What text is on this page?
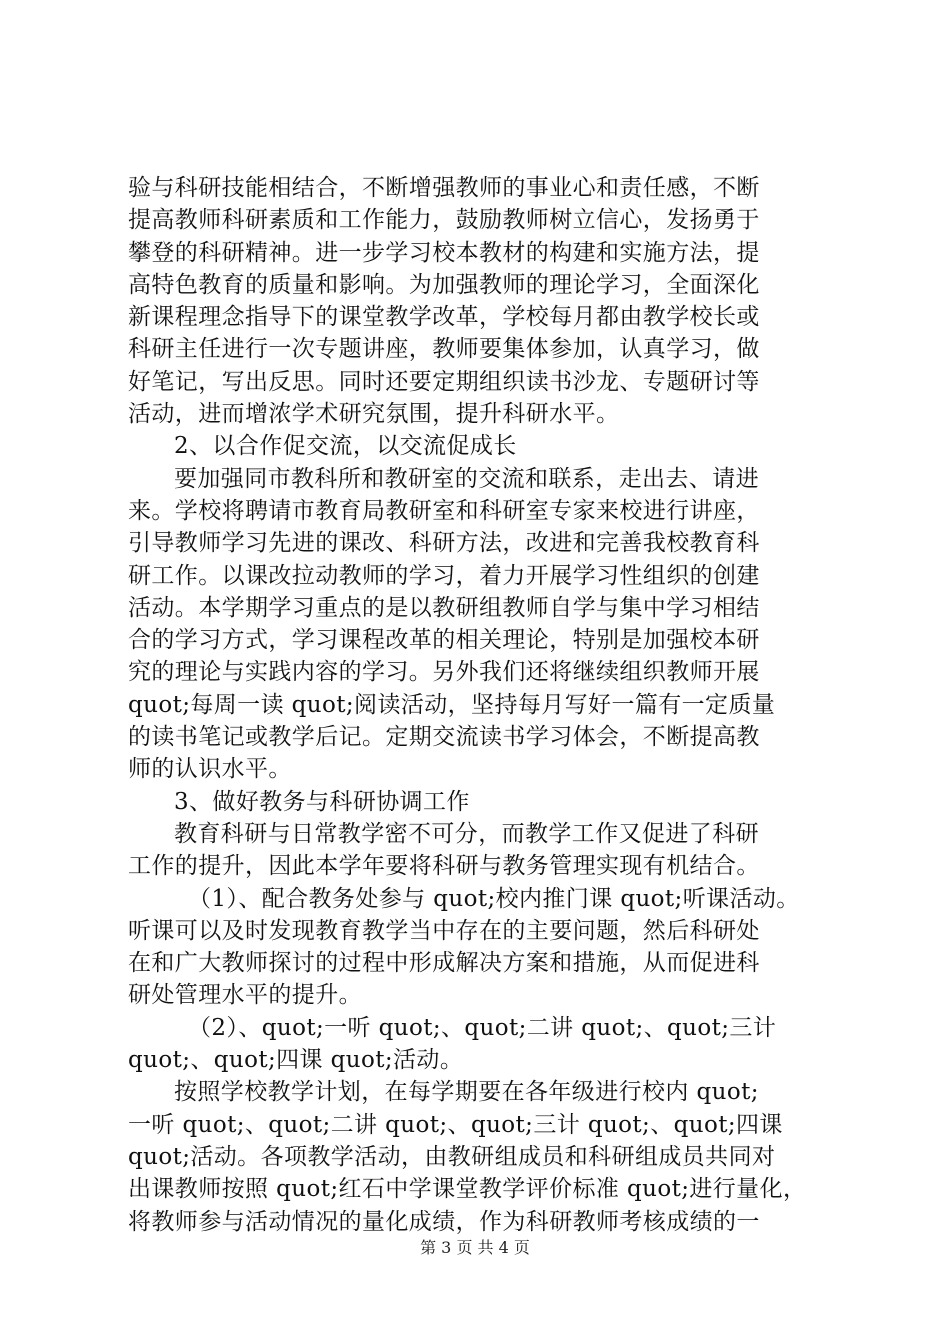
验与科研技能相结合，不断增强教师的事业心和责任感，不断
提高教师科研素质和工作能力，鼓励教师树立信心，发扬勇于
攀登的科研精神。进一步学习校本教材的构建和实施方法，提
高特色教育的质量和影响。为加强教师的理论学习，全面深化
新课程理念指导下的课堂教学改革，学校每月都由教学校长或
科研主任进行一次专题讲座，教师要集体参加，认真学习，做
好笔记，写出反思。同时还要定期组织读书沙龙、专题研讨等
活动，进而增浓学术研究氛围，提升科研水平。
2、以合作促交流，以交流促成长
要加强同市教科所和教研室的交流和联系，走出去、请进
来。学校将聘请市教育局教研室和科研室专家来校进行讲座，
引导教师学习先进的课改、科研方法，改进和完善我校教育科
研工作。以课改拉动教师的学习，着力开展学习性组织的创建
活动。本学期学习重点的是以教研组教师自学与集中学习相结
合的学习方式，学习课程改革的相关理论，特别是加强校本研
究的理论与实践内容的学习。另外我们还将继续组织教师开展
quot;每周一读 quot;阅读活动，坚持每月写好一篇有一定质量
的读书笔记或教学后记。定期交流读书学习体会，不断提高教
师的认识水平。
3、做好教务与科研协调工作
教育科研与日常教学密不可分，而教学工作又促进了科研
工作的提升，因此本学年要将科研与教务管理实现有机结合。
（1）、配合教务处参与 quot;校内推门课 quot;听课活动。
听课可以及时发现教育教学当中存在的主要问题，然后科研处
在和广大教师探讨的过程中形成解决方案和措施，从而促进科
研处管理水平的提升。
（2）、quot;一听 quot;、quot;二讲 quot;、quot;三计
quot;、quot;四课 quot;活动。
按照学校教学计划，在每学期要在各年级进行校内 quot;
一听 quot;、quot;二讲 quot;、quot;三计 quot;、quot;四课
quot;活动。各项教学活动，由教研组成员和科研组成员共同对
出课教师按照 quot;红石中学课堂教学评价标准 quot;进行量化，
将教师参与活动情况的量化成绩，作为科研教师考核成绩的一
第 3 页 共 4 页
